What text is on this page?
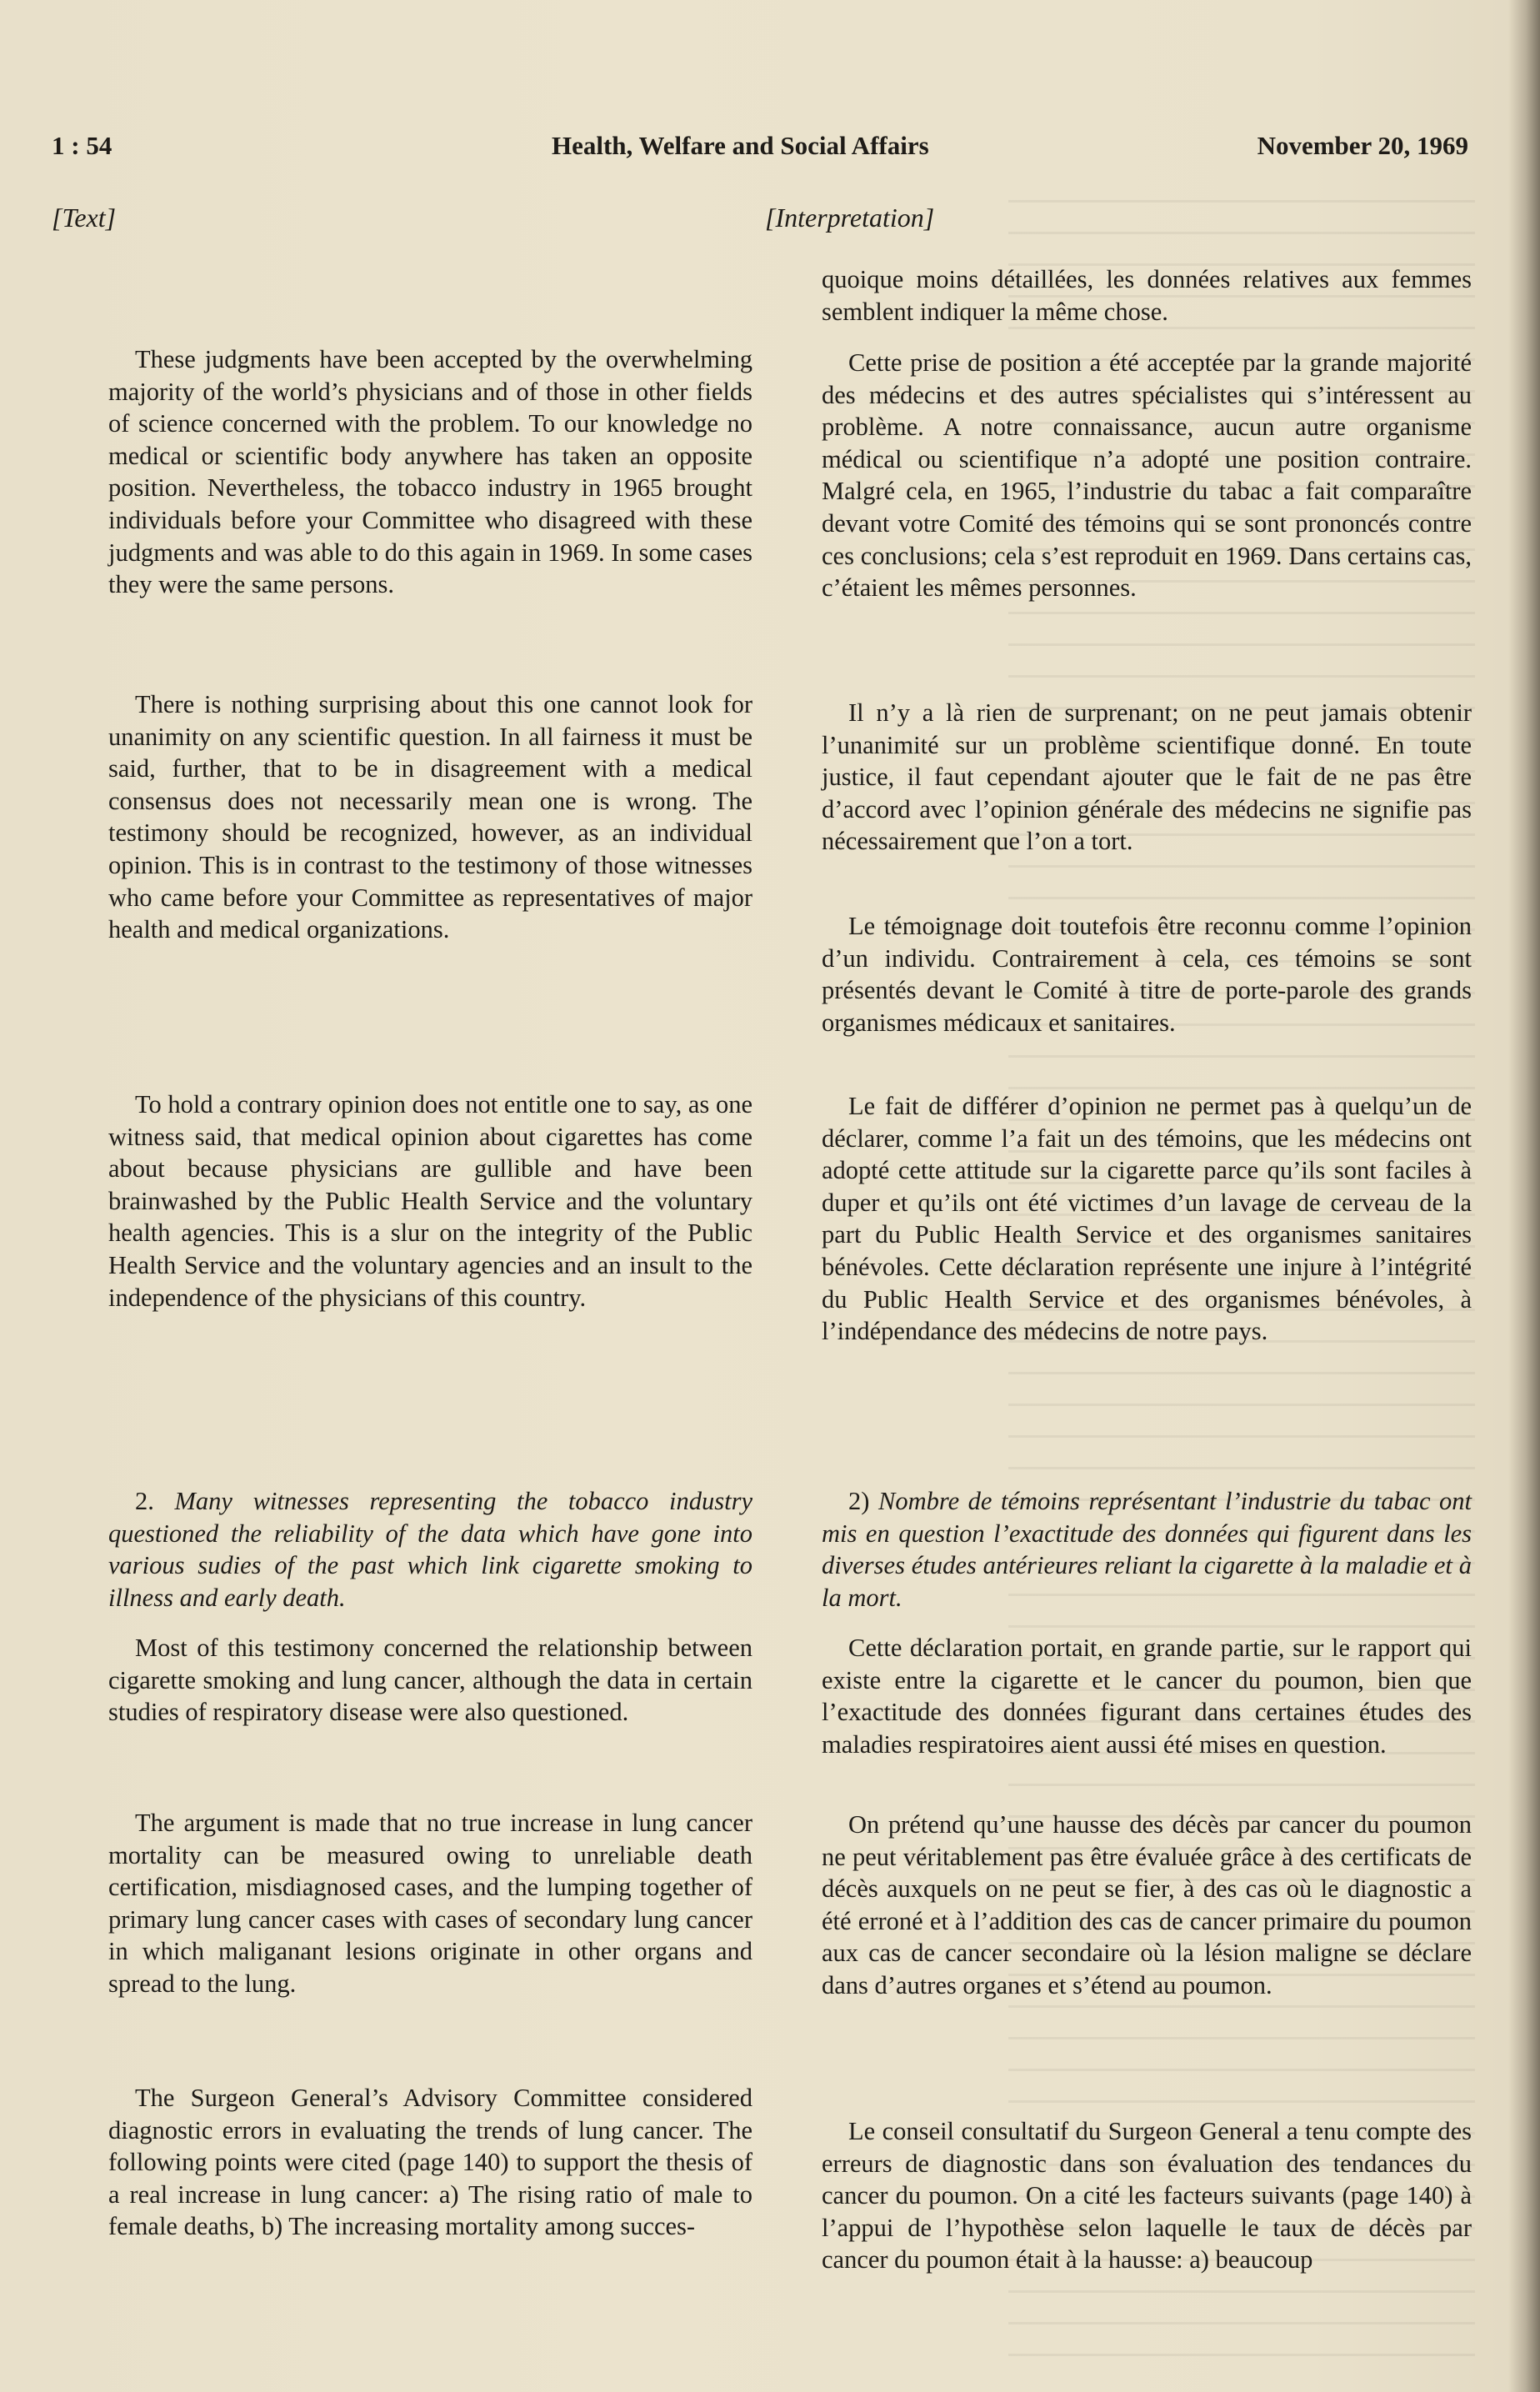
1 : 54	Health, Welfare and Social Affairs	November 20, 1969
[Text]	[Interpretation]

These judgments have been accepted by the overwhelming majority of the world’s physicians and of those in other fields of science concerned with the problem. To our knowledge no medical or scientific body anywhere has taken an opposite position. Nevertheless, the tobacco industry in 1965 brought individuals before your Committee who disagreed with these judgments and was able to do this again in 1969. In some cases they were the same persons.

There is nothing surprising about this one cannot look for unanimity on any scientific question. In all fairness it must be said, further, that to be in disagreement with a medical consensus does not necessarily mean one is wrong. The testimony should be recognized, however, as an individual opinion. This is in contrast to the testimony of those witnesses who came before your Committee as representatives of major health and medical organizations.

To hold a contrary opinion does not entitle one to say, as one witness said, that medical opinion about cigarettes has come about because physicians are gullible and have been brainwashed by the Public Health Service and the voluntary health agencies. This is a slur on the integrity of the Public Health Service and the voluntary agencies and an insult to the independence of the physicians of this country.

2. Many witnesses representing the tobacco industry questioned the reliability of the data which have gone into various sudies of the past which link cigarette smoking to illness and early death.

Most of this testimony concerned the relationship between cigarette smoking and lung cancer, although the data in certain studies of respiratory disease were also questioned.

The argument is made that no true increase in lung cancer mortality can be measured owing to unreliable death certification, misdiagnosed cases, and the lumping together of primary lung cancer cases with cases of secondary lung cancer in which maliganant lesions originate in other organs and spread to the lung.

The Surgeon General’s Advisory Committee considered diagnostic errors in evaluating the trends of lung cancer. The following points were cited (page 140) to support the thesis of a real increase in lung cancer: a) The rising ratio of male to female deaths, b) The increasing mortality among succes-

quoique moins détaillées, les données relatives aux femmes semblent indiquer la même chose.

Cette prise de position a été acceptée par la grande majorité des médecins et des autres spécialistes qui s’intéressent au problème. A notre connaissance, aucun autre organisme médical ou scientifique n’a adopté une position contraire. Malgré cela, en 1965, l’industrie du tabac a fait comparaître devant votre Comité des témoins qui se sont prononcés contre ces conclusions; cela s’est reproduit en 1969. Dans certains cas, c’étaient les mêmes personnes.

Il n’y a là rien de surprenant; on ne peut jamais obtenir l’unanimité sur un problème scientifique donné. En toute justice, il faut cependant ajouter que le fait de ne pas être d’accord avec l’opinion générale des médecins ne signifie pas nécessairement que l’on a tort.

Le témoignage doit toutefois être reconnu comme l’opinion d’un individu. Contrairement à cela, ces témoins se sont présentés devant le Comité à titre de porte-parole des grands organismes médicaux et sanitaires.

Le fait de différer d’opinion ne permet pas à quelqu’un de déclarer, comme l’a fait un des témoins, que les médecins ont adopté cette attitude sur la cigarette parce qu’ils sont faciles à duper et qu’ils ont été victimes d’un lavage de cerveau de la part du Public Health Service et des organismes sanitaires bénévoles. Cette déclaration représente une injure à l’intégrité du Public Health Service et des organismes bénévoles, à l’indépendance des médecins de notre pays.

2) Nombre de témoins représentant l’industrie du tabac ont mis en question l’exactitude des données qui figurent dans les diverses études antérieures reliant la cigarette à la maladie et à la mort.

Cette déclaration portait, en grande partie, sur le rapport qui existe entre la cigarette et le cancer du poumon, bien que l’exactitude des données figurant dans certaines études des maladies respiratoires aient aussi été mises en question.

On prétend qu’une hausse des décès par cancer du poumon ne peut véritablement pas être évaluée grâce à des certificats de décès auxquels on ne peut se fier, à des cas où le diagnostic a été erroné et à l’addition des cas de cancer primaire du poumon aux cas de cancer secondaire où la lésion maligne se déclare dans d’autres organes et s’étend au poumon.

Le conseil consultatif du Surgeon General a tenu compte des erreurs de diagnostic dans son évaluation des tendances du cancer du poumon. On a cité les facteurs suivants (page 140) à l’appui de l’hypothèse selon laquelle le taux de décès par cancer du poumon était à la hausse: a) beaucoup
